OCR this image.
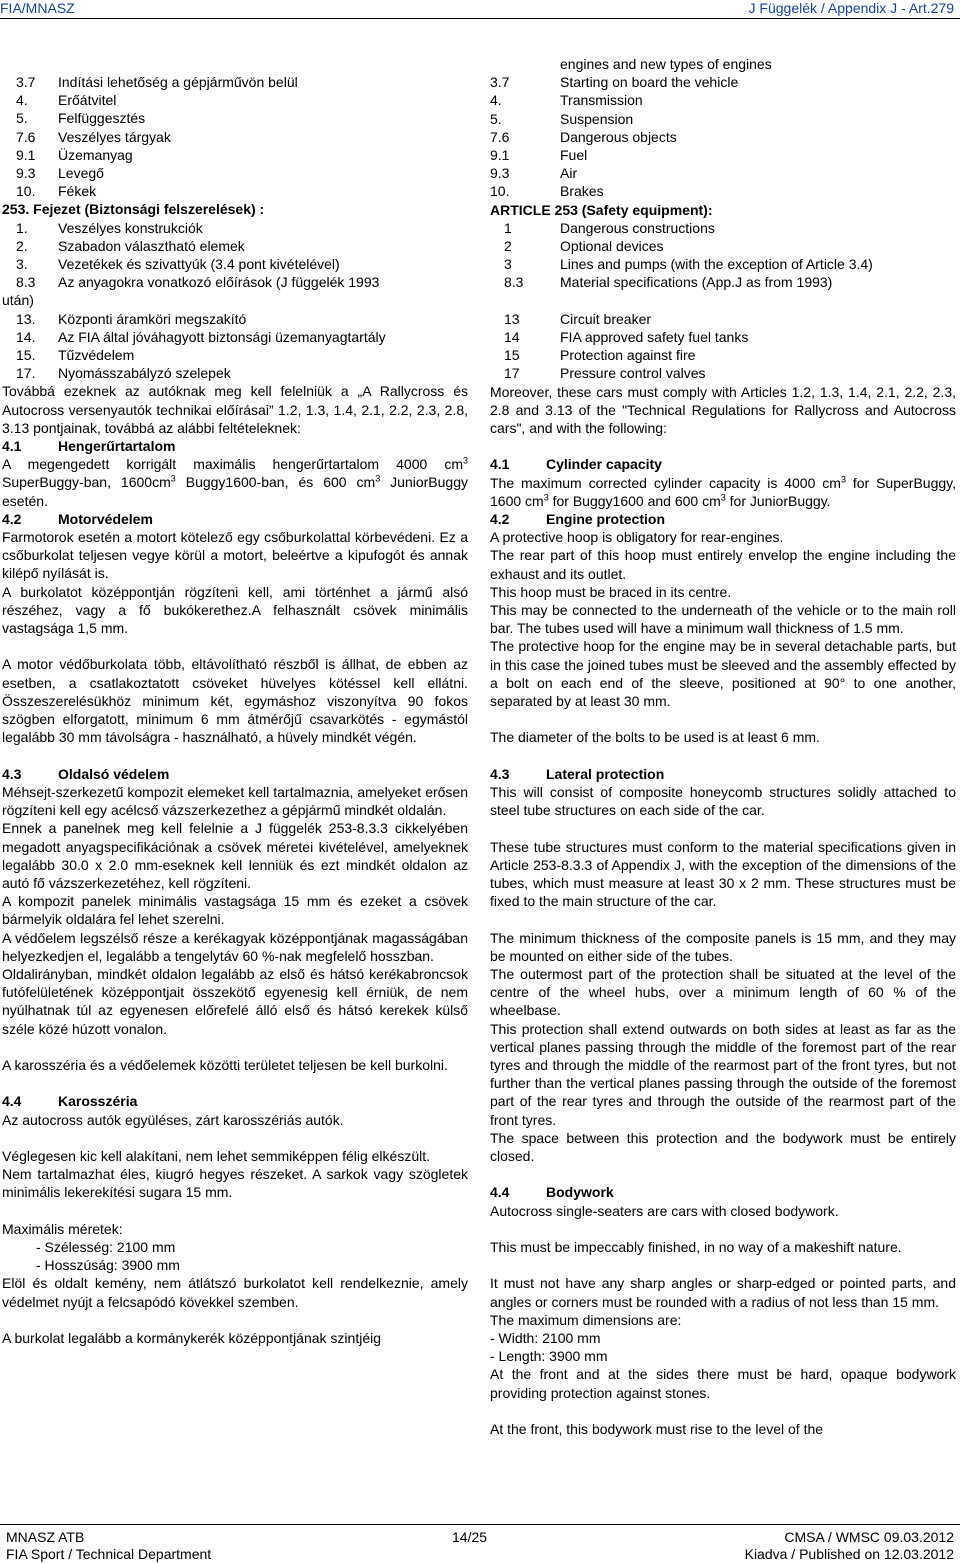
FIA/MNASZ	J Függelék / Appendix J - Art.279
3.7	Indítási lehetőség a gépjárművön belül
4.	Erőátvitel
5.	Felfüggesztés
7.6	Veszélyes tárgyak
9.1	Üzemanyag
9.3	Levegő
10.	Fékek
253. Fejezet (Biztonsági felszerelések) :
1.	Veszélyes konstrukciók
2.	Szabadon választható elemek
3.	Vezetékek és szivattyúk (3.4 pont kivételével)
8.3	Az anyagokra vonatkozó előírások (J függelék 1993
után)
13.	Központi áramköri megszakító
14.	Az FIA által jóváhagyott biztonsági üzemanyagtartály
15.	Tűzvédelem
17.	Nyomásszabályzó szelepek
Továbbá ezeknek az autóknak meg kell felelniük a „A Rallycross és Autocross versenyautók technikai előírásai” 1.2, 1.3, 1.4, 2.1, 2.2, 2.3, 2.8, 3.13 pontjainak, továbbá az alábbi feltételeknek:
4.1	Hengerűrtartalom
A megengedett korrigált maximális hengerűrtartalom 4000 $cm^3$ SuperBuggy-ban, $1600cm^3$ Buggy1600-ban, és 600 $cm^3$ JuniorBuggy esetén.
4.2	Motorvédelem
Farmotorok esetén a motort kötelező egy csőburkolattal körbevédeni. Ez a csőburkolat teljesen vegye körül a motort, beleértve a kipufogót és annak kilépő nyílását is.
A burkolatot középpontján rögzíteni kell, ami történhet a jármű alsó részéhez, vagy a fő bukókerethez.A felhasznált csövek minimális vastagsága 1,5 mm.
A motor védőburkolata több, eltávolítható részből is állhat, de ebben az esetben, a csatlakoztatott csöveket hüvelyes kötéssel kell ellátni. Összeszerelésükhöz minimum két, egymáshoz viszonyítva 90 fokos szögben elforgatott, minimum 6 mm átmérőjű csavarkötés - egymástól legalább 30 mm távolságra - használható, a hüvely mindkét végén.
4.3	Oldalsó védelem
Méhsejt-szerkezetű kompozit elemeket kell tartalmaznia, amelyeket erősen rögzíteni kell egy acélcső vázszerkezethez a gépjármű mindkét oldalán.
Ennek a panelnek meg kell felelnie a J függelék 253-8.3.3 cikkelyében megadott anyagspecifikációnak a csövek méretei kivételével, amelyeknek legalább 30.0 x 2.0 mm-eseknek kell lenniük és ezt mindkét oldalon az autó fő vázszerkezetéhez, kell rögzíteni.
A kompozit panelek minimális vastagsága 15 mm és ezeket a csövek bármelyik oldalára fel lehet szerelni.
A védőelem legszélső része a kerékagyak középpontjának magasságában helyezkedjen el, legalább a tengelytáv 60 %-nak megfelelő hosszban.
Oldalirányban, mindkét oldalon legalább az első és hátsó kerékabroncsok futófelületének középpontjait összekötő egyenesig kell érniük, de nem nyúlhatnak túl az egyenesen előrefelé álló első és hátsó kerekek külső széle közé húzott vonalon.
A karosszéria és a védőelemek közötti területet teljesen be kell burkolni.
4.4	Karosszéria
Az autocross autók együléses, zárt karosszériás autók.
Véglegesen kic kell alakítani, nem lehet semmiképpen félig elkészült.
Nem tartalmazhat éles, kiugró hegyes részeket. A sarkok vagy szögletek minimális lekerekítési sugara 15 mm.
Maximális méretek:
- Szélesség: 2100 mm
- Hosszúság: 3900 mm
Elöl és oldalt kemény, nem átlátszó burkolatot kell rendelkeznie, amely védelmet nyújt a felcsapódó kövekkel szemben.
A burkolat legalább a kormánykerék középpontjának szintjéig
engines and new types of engines
3.7	Starting on board the vehicle
4.	Transmission
5.	Suspension
7.6	Dangerous objects
9.1	Fuel
9.3	Air
10.	Brakes
ARTICLE 253 (Safety equipment):
1	Dangerous constructions
2	Optional devices
3	Lines and pumps (with the exception of Article 3.4)
8.3	Material specifications (App.J as from 1993)
13	Circuit breaker
14	FIA approved safety fuel tanks
15	Protection against fire
17	Pressure control valves
Moreover, these cars must comply with Articles 1.2, 1.3, 1.4, 2.1, 2.2, 2.3, 2.8 and 3.13 of the "Technical Regulations for Rallycross and Autocross cars", and with the following:
4.1	Cylinder capacity
The maximum corrected cylinder capacity is 4000 $cm^3$ for SuperBuggy, 1600 $cm^3$ for Buggy1600 and 600 $cm^3$ for JuniorBuggy.
4.2	Engine protection
A protective hoop is obligatory for rear-engines.
The rear part of this hoop must entirely envelop the engine including the exhaust and its outlet.
This hoop must be braced in its centre.
This may be connected to the underneath of the vehicle or to the main roll bar. The tubes used will have a minimum wall thickness of 1.5 mm.
The protective hoop for the engine may be in several detachable parts, but in this case the joined tubes must be sleeved and the assembly effected by a bolt on each end of the sleeve, positioned at 90° to one another, separated by at least 30 mm.
The diameter of the bolts to be used is at least 6 mm.
4.3	Lateral protection
This will consist of composite honeycomb structures solidly attached to steel tube structures on each side of the car.
These tube structures must conform to the material specifications given in Article 253-8.3.3 of Appendix J, with the exception of the dimensions of the tubes, which must measure at least 30 x 2 mm. These structures must be fixed to the main structure of the car.
The minimum thickness of the composite panels is 15 mm, and they may be mounted on either side of the tubes.
The outermost part of the protection shall be situated at the level of the centre of the wheel hubs, over a minimum length of 60 % of the wheelbase.
This protection shall extend outwards on both sides at least as far as the vertical planes passing through the middle of the foremost part of the rear tyres and through the middle of the rearmost part of the front tyres, but not further than the vertical planes passing through the outside of the foremost part of the rear tyres and through the outside of the rearmost part of the front tyres.
The space between this protection and the bodywork must be entirely closed.
4.4	Bodywork
Autocross single-seaters are cars with closed bodywork.
This must be impeccably finished, in no way of a makeshift nature.
It must not have any sharp angles or sharp-edged or pointed parts, and angles or corners must be rounded with a radius of not less than 15 mm.
The maximum dimensions are:
- Width: 2100 mm
- Length: 3900 mm
At the front and at the sides there must be hard, opaque bodywork providing protection against stones.
At the front, this bodywork must rise to the level of the
MNASZ ATB
FIA Sport / Technical Department
14/25	CMSA / WMSC 09.03.2012
Kiadva / Published on 12.03.2012
